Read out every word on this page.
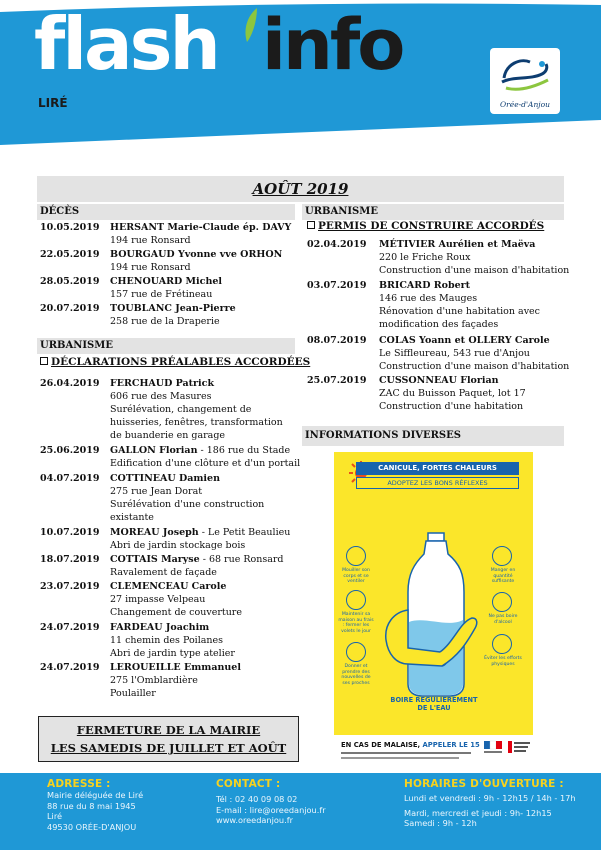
flash info
LIRÉ	Orée-d'Anjou
AOÛT 2019
DÉCÈS
10.05.2019 HERSANT Marie-Claude ép. DAVY
194 rue Ronsard
22.05.2019 BOURGAUD Yvonne vve ORHON
194 rue Ronsard
28.05.2019 CHENOUARD Michel
157 rue de Frétineau
20.07.2019 TOUBLANC Jean-Pierre
258 rue de la Draperie
URBANISME
DÉCLARATIONS PRÉALABLES ACCORDÉES
26.04.2019 FERCHAUD Patrick
606 rue des Masures
Surélévation, changement de huisseries, fenêtres, transformation de buanderie en garage
25.06.2019 GALLON Florian - 186 rue du Stade
Edification d'une clôture et d'un portail
04.07.2019 COTTINEAU Damien
275 rue Jean Dorat
Surélévation d'une construction existante
10.07.2019 MOREAU Joseph - Le Petit Beaulieu
Abri de jardin stockage bois
18.07.2019 COTTAIS Maryse - 68 rue Ronsard
Ravalement de façade
23.07.2019 CLEMENCEAU Carole
27 impasse Velpeau
Changement de couverture
24.07.2019 FARDEAU Joachim
11 chemin des Poilanes
Abri de jardin type atelier
24.07.2019 LEROUEILLE Emmanuel
275 l'Omblardière
Poulailler
FERMETURE DE LA MAIRIE
LES SAMEDIS DE JUILLET ET AOÛT
URBANISME
PERMIS DE CONSTRUIRE ACCORDÉS
02.04.2019 MÉTIVIER Aurélien et Maëva
220 le Friche Roux
Construction d'une maison d'habitation
03.07.2019 BRICARD Robert
146 rue des Mauges
Rénovation d'une habitation avec modification des façades
08.07.2019 COLAS Yoann et OLLERY Carole
Le Siffleureau, 543 rue d'Anjou
Construction d'une maison d'habitation
25.07.2019 CUSSONNEAU Florian
ZAC du Buisson Paquet, lot 17
Construction d'une habitation
INFORMATIONS DIVERSES
CANICULE, FORTES CHALEURS
ADOPTEZ LES BONS RÉFLEXES
Mouiller son corps et se ventiler
Manger en quantité suffisante
Maintenir sa maison au frais : fermer les volets le jour
Ne pas boire d'alcool
Donner et prendre des nouvelles de ses proches
Éviter les efforts physiques
BOIRE RÉGULIÈREMENT
DE L'EAU
EN CAS DE MALAISE, APPELER LE 15
ADRESSE :
Mairie déléguée de Liré
88 rue du 8 mai 1945
Liré
49530 ORÉE-D'ANJOU
CONTACT :
Tél : 02 40 09 08 02
E-mail : lire@oreedanjou.fr
www.oreedanjou.fr
HORAIRES D'OUVERTURE :
Lundi et vendredi : 9h - 12h15 / 14h - 17h
Mardi, mercredi et jeudi : 9h- 12h15
Samedi : 9h - 12h
